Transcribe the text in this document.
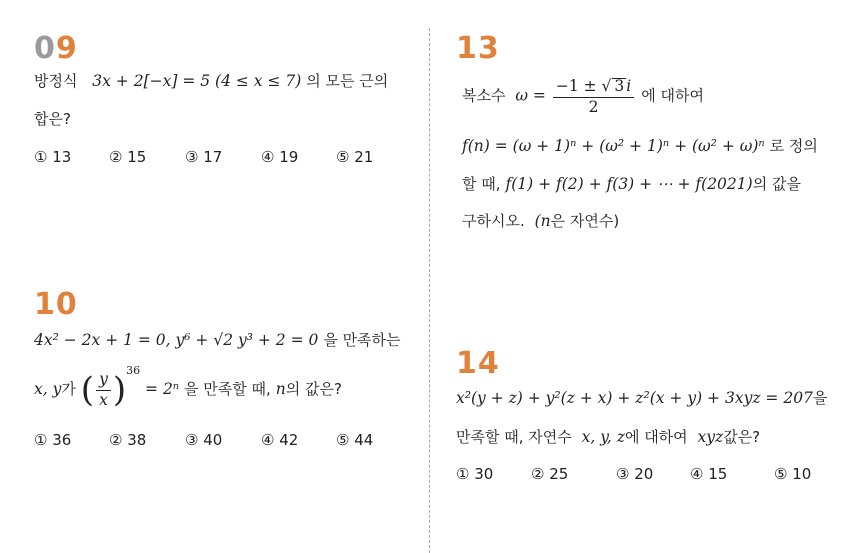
09
방정식 3x + 2[−x] = 5 (4 ≤ x ≤ 7) 의 모든 근의
합은?
① 13	② 15	③ 17	④ 19	⑤ 21
10
4x² − 2x + 1 = 0, y⁶ + √2 y³ + 2 = 0 을 만족하는
x, y가 ( $\frac{y}{x} )^{36} = 2^n$ 을 만족할 때, n의 값은?
① 36	② 38	③ 40	④ 42	⑤ 44
13
복소수 $\omega = \frac{-1 \pm √ 3 i}{2}$ 에 대하여
f(n) = (ω + 1)ⁿ + (ω² + 1)ⁿ + (ω² + ω)ⁿ 로 정의
할 때, f(1) + f(2) + f(3) + ⋯ + f(2021)의 값을
구하시오. (n은 자연수)
14
x²(y + z) + y²(z + x) + z²(x + y) + 3xyz = 207을
만족할 때, 자연수 x, y, z에 대하여 xyz값은?
① 30	② 25	③ 20 ④ 15	⑤ 10
